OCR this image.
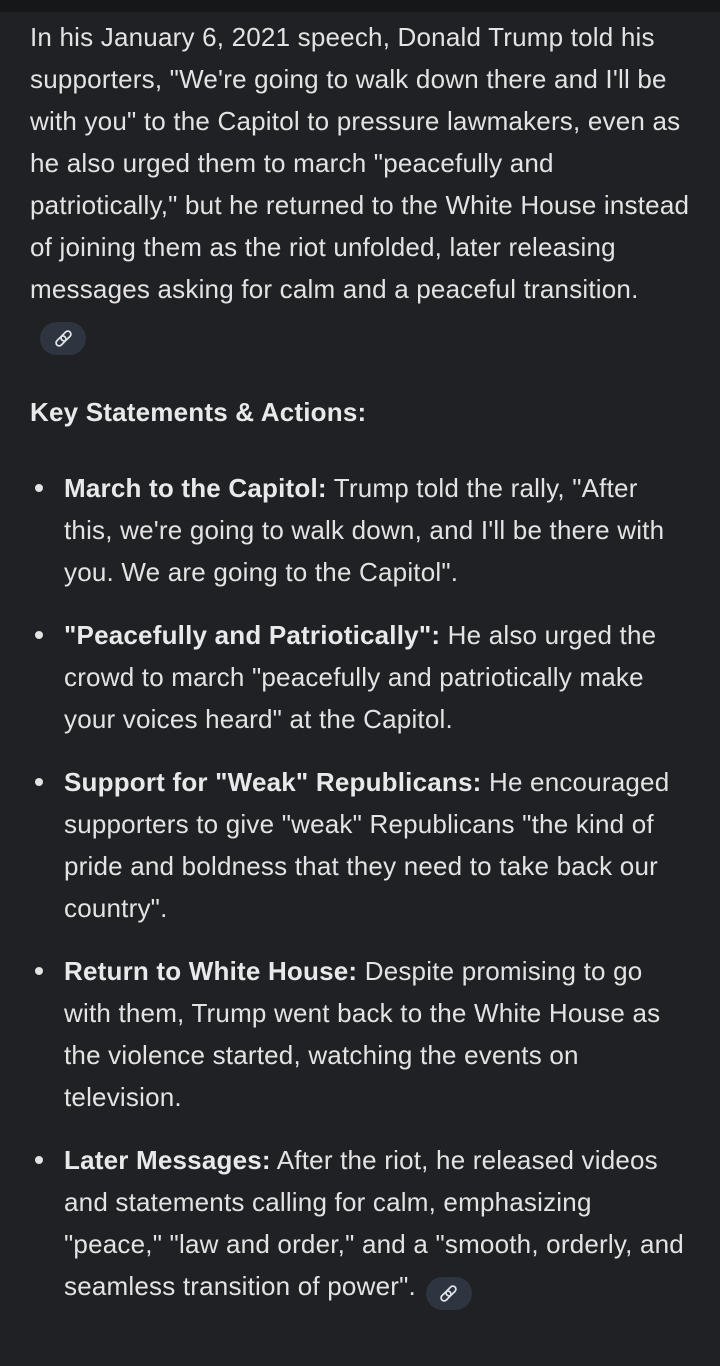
In his January 6, 2021 speech, Donald Trump told his supporters, "We're going to walk down there and I'll be with you" to the Capitol to pressure lawmakers, even as he also urged them to march "peacefully and patriotically," but he returned to the White House instead of joining them as the riot unfolded, later releasing messages asking for calm and a peaceful transition.

Key Statements & Actions:
March to the Capitol: Trump told the rally, "After this, we're going to walk down, and I'll be there with you. We are going to the Capitol".
"Peacefully and Patriotically": He also urged the crowd to march "peacefully and patriotically make your voices heard" at the Capitol.
Support for "Weak" Republicans: He encouraged supporters to give "weak" Republicans "the kind of pride and boldness that they need to take back our country".
Return to White House: Despite promising to go with them, Trump went back to the White House as the violence started, watching the events on television.
Later Messages: After the riot, he released videos and statements calling for calm, emphasizing "peace," "law and order," and a "smooth, orderly, and seamless transition of power".
